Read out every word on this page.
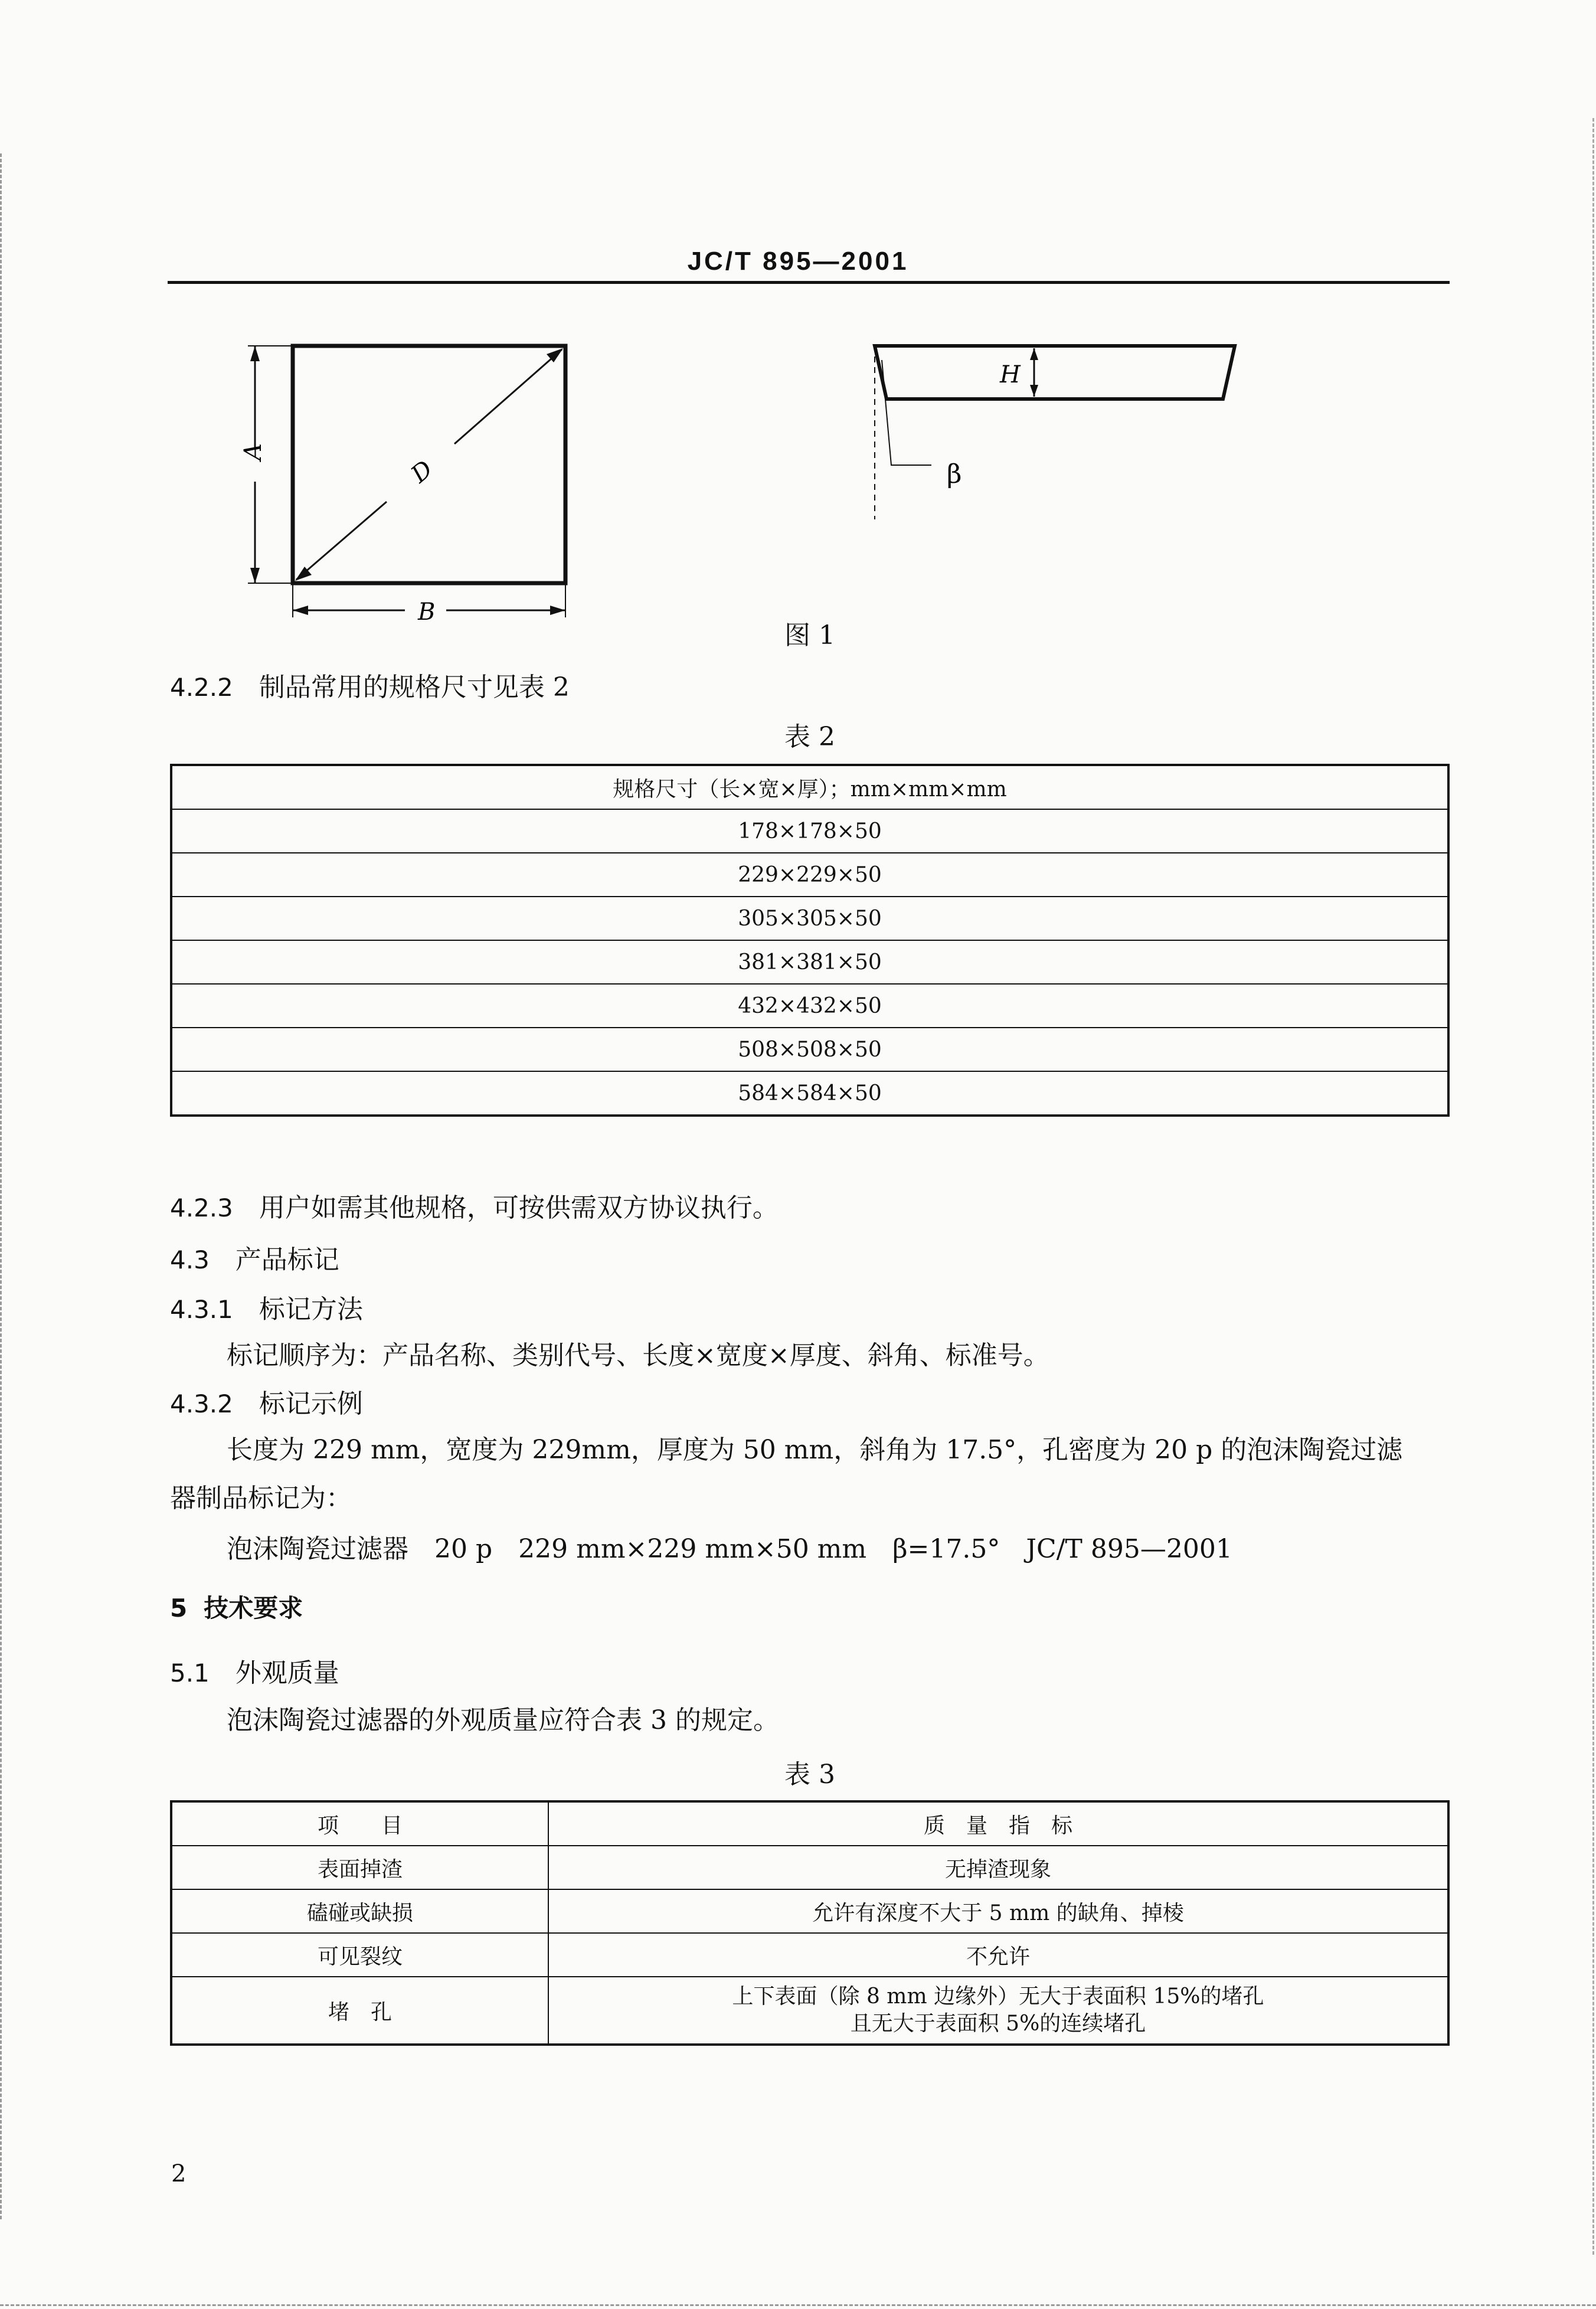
JC/T 895—2001
A
B
D
H
β
图 1
4.2.2 制品常用的规格尺寸见表 2
表 2
规格尺寸（长×宽×厚）；mm×mm×mm
178×178×50
229×229×50
305×305×50
381×381×50
432×432×50
508×508×50
584×584×50
4.2.3 用户如需其他规格，可按供需双方协议执行。
4.3 产品标记
4.3.1 标记方法
标记顺序为：产品名称、类别代号、长度×宽度×厚度、斜角、标准号。
4.3.2 标记示例
长度为 229 mm，宽度为 229mm，厚度为 50 mm，斜角为 17.5°，孔密度为 20 p 的泡沫陶瓷过滤
器制品标记为：
泡沫陶瓷过滤器　20 p　229 mm×229 mm×50 mm　β=17.5°　JC/T 895—2001
5 技术要求
5.1 外观质量
泡沫陶瓷过滤器的外观质量应符合表 3 的规定。
表 3
项　　目	质　量　指　标
表面掉渣	无掉渣现象
磕碰或缺损	允许有深度不大于 5 mm 的缺角、掉棱
可见裂纹	不允许
堵　孔	上下表面（除 8 mm 边缘外）无大于表面积 15%的堵孔
且无大于表面积 5%的连续堵孔
2
